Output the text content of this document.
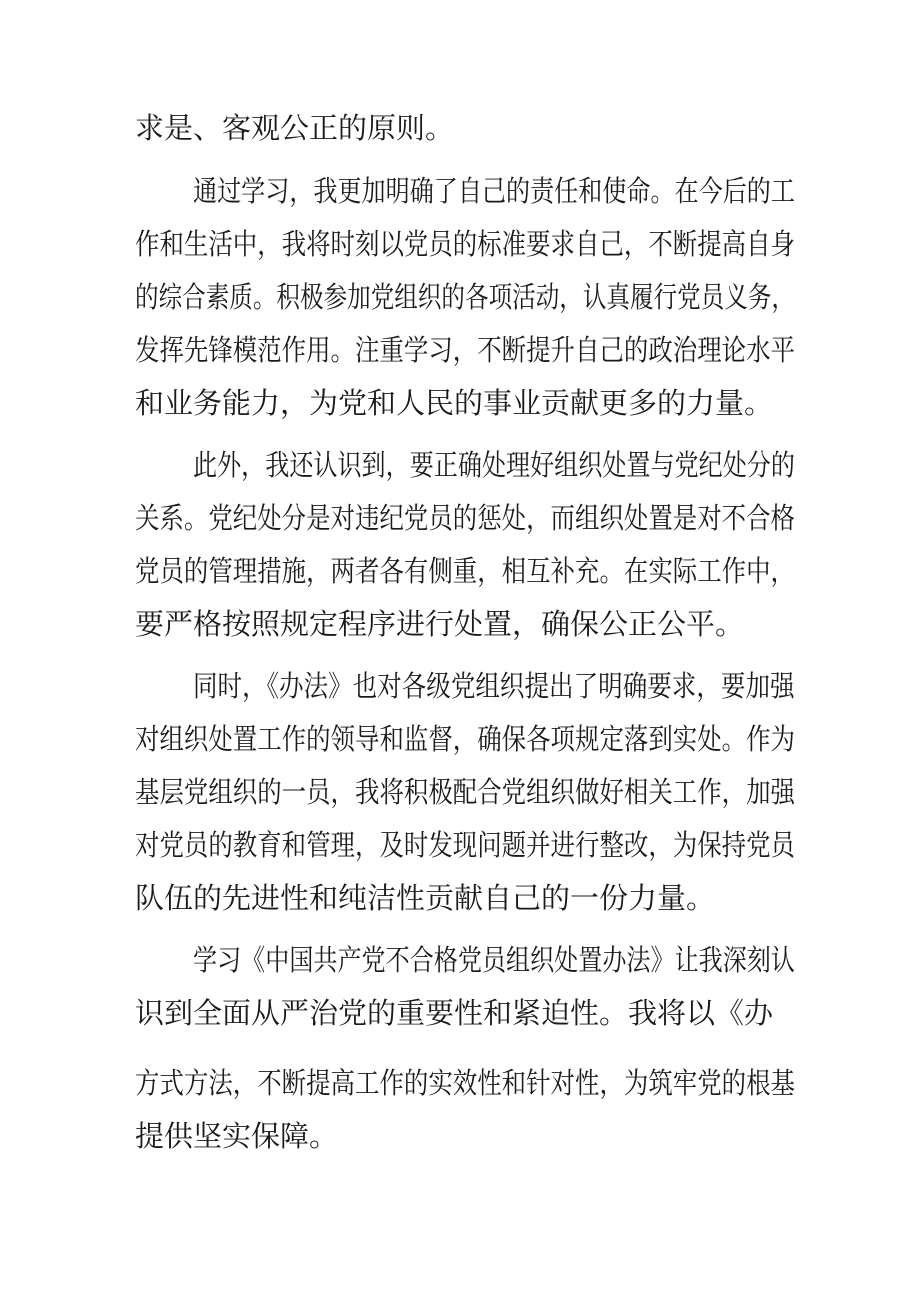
求是、客观公正的原则。

通过学习，我更加明确了自己的责任和使命。在今后的工

作和生活中，我将时刻以党员的标准要求自己，不断提高自身

的综合素质。积极参加党组织的各项活动，认真履行党员义务，

发挥先锋模范作用。注重学习，不断提升自己的政治理论水平

和业务能力，为党和人民的事业贡献更多的力量。

此外，我还认识到，要正确处理好组织处置与党纪处分的

关系。党纪处分是对违纪党员的惩处，而组织处置是对不合格

党员的管理措施，两者各有侧重，相互补充。在实际工作中，

要严格按照规定程序进行处置，确保公正公平。

同时，《办法》也对各级党组织提出了明确要求，要加强

对组织处置工作的领导和监督，确保各项规定落到实处。作为

基层党组织的一员，我将积极配合党组织做好相关工作，加强

对党员的教育和管理，及时发现问题并进行整改，为保持党员

队伍的先进性和纯洁性贡献自己的一份力量。

学习《中国共产党不合格党员组织处置办法》让我深刻认

识到全面从严治党的重要性和紧迫性。我将以《办

方式方法，不断提高工作的实效性和针对性，为筑牢党的根基

提供坚实保障。
